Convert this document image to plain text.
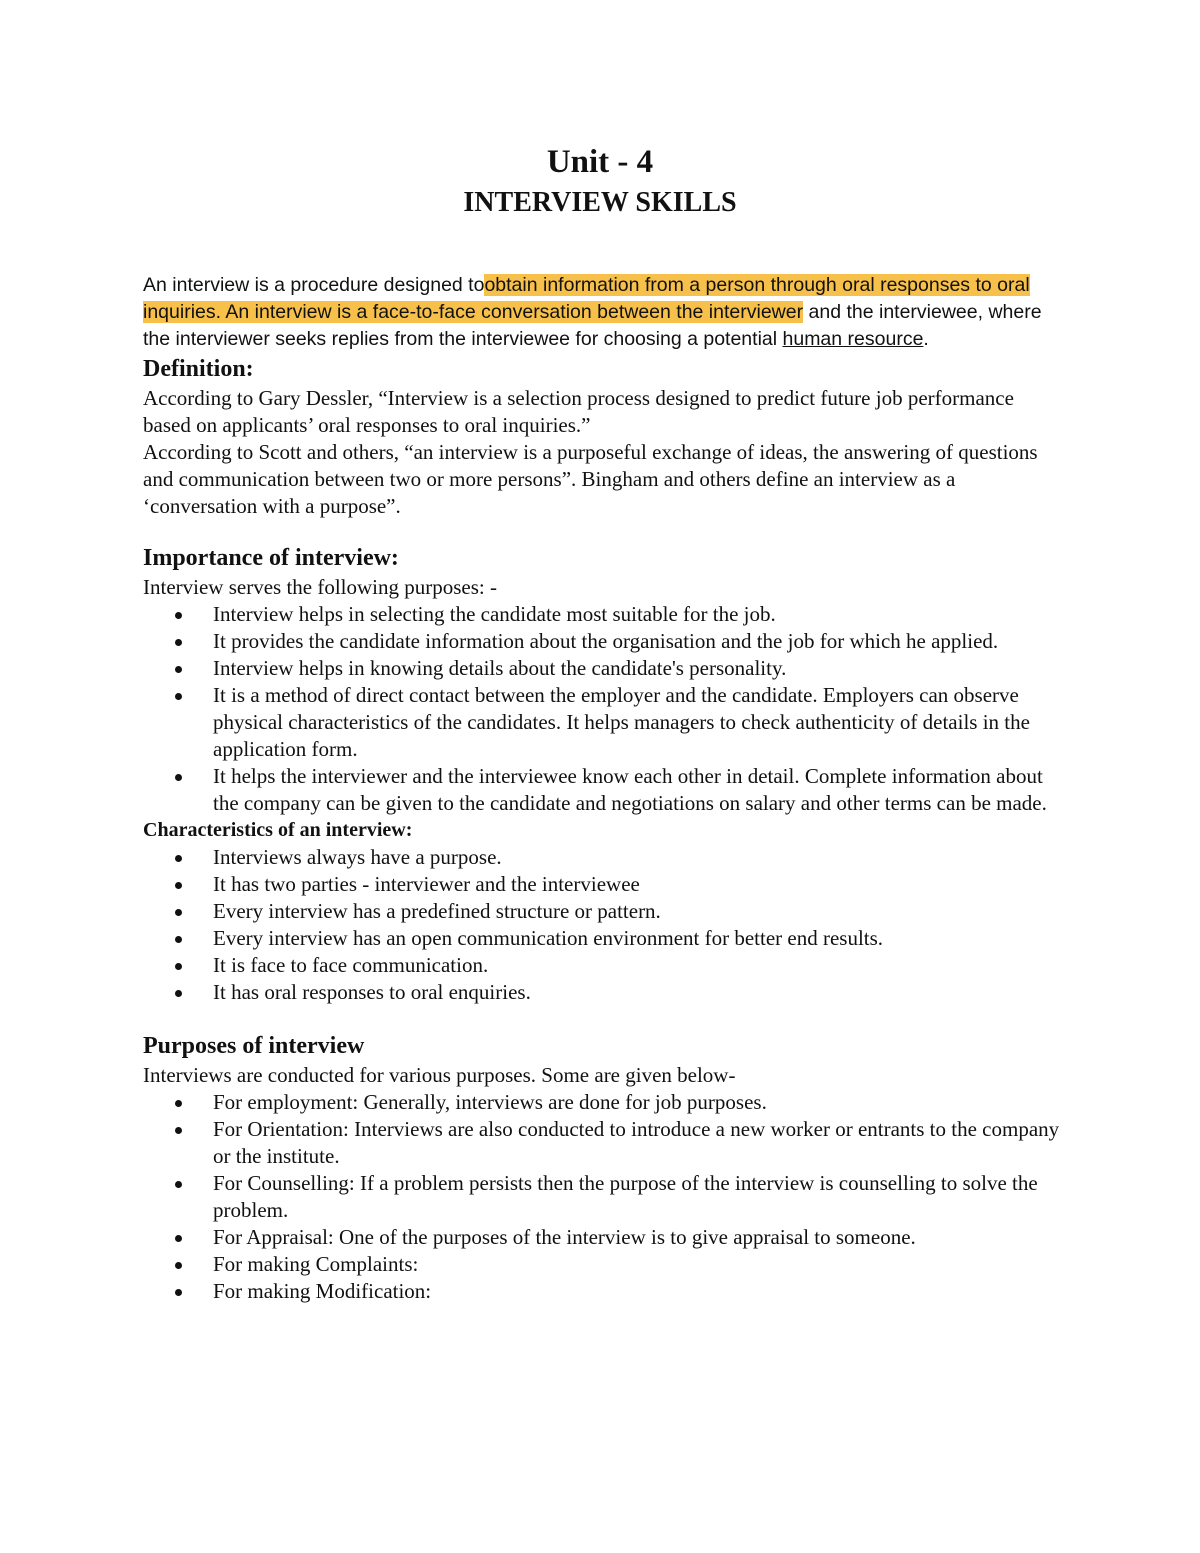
Unit - 4
INTERVIEW SKILLS

An interview is a procedure designed toobtain information from a person through oral responses to oral inquiries. An interview is a face-to-face conversation between the interviewer and the interviewee, where the interviewer seeks replies from the interviewee for choosing a potential human resource.

Definition:

According to Gary Dessler, “Interview is a selection process designed to predict future job performance based on applicants’ oral responses to oral inquiries.”

According to Scott and others, “an interview is a purposeful exchange of ideas, the answering of questions and communication between two or more persons”. Bingham and others define an interview as a ‘conversation with a purpose”.

Importance of interview:

Interview serves the following purposes: -

Interview helps in selecting the candidate most suitable for the job.
It provides the candidate information about the organisation and the job for which he applied.
Interview helps in knowing details about the candidate's personality.
It is a method of direct contact between the employer and the candidate. Employers can observe physical characteristics of the candidates. It helps managers to check authenticity of details in the application form.
It helps the interviewer and the interviewee know each other in detail. Complete information about the company can be given to the candidate and negotiations on salary and other terms can be made.
Characteristics of an interview:
Interviews always have a purpose.
It has two parties - interviewer and the interviewee
Every interview has a predefined structure or pattern.
Every interview has an open communication environment for better end results.
It is face to face communication.
It has oral responses to oral enquiries.
Purposes of interview

Interviews are conducted for various purposes. Some are given below-

For employment: Generally, interviews are done for job purposes.
For Orientation: Interviews are also conducted to introduce a new worker or entrants to the company or the institute.
For Counselling: If a problem persists then the purpose of the interview is counselling to solve the problem.
For Appraisal: One of the purposes of the interview is to give appraisal to someone.
For making Complaints:
For making Modification:
